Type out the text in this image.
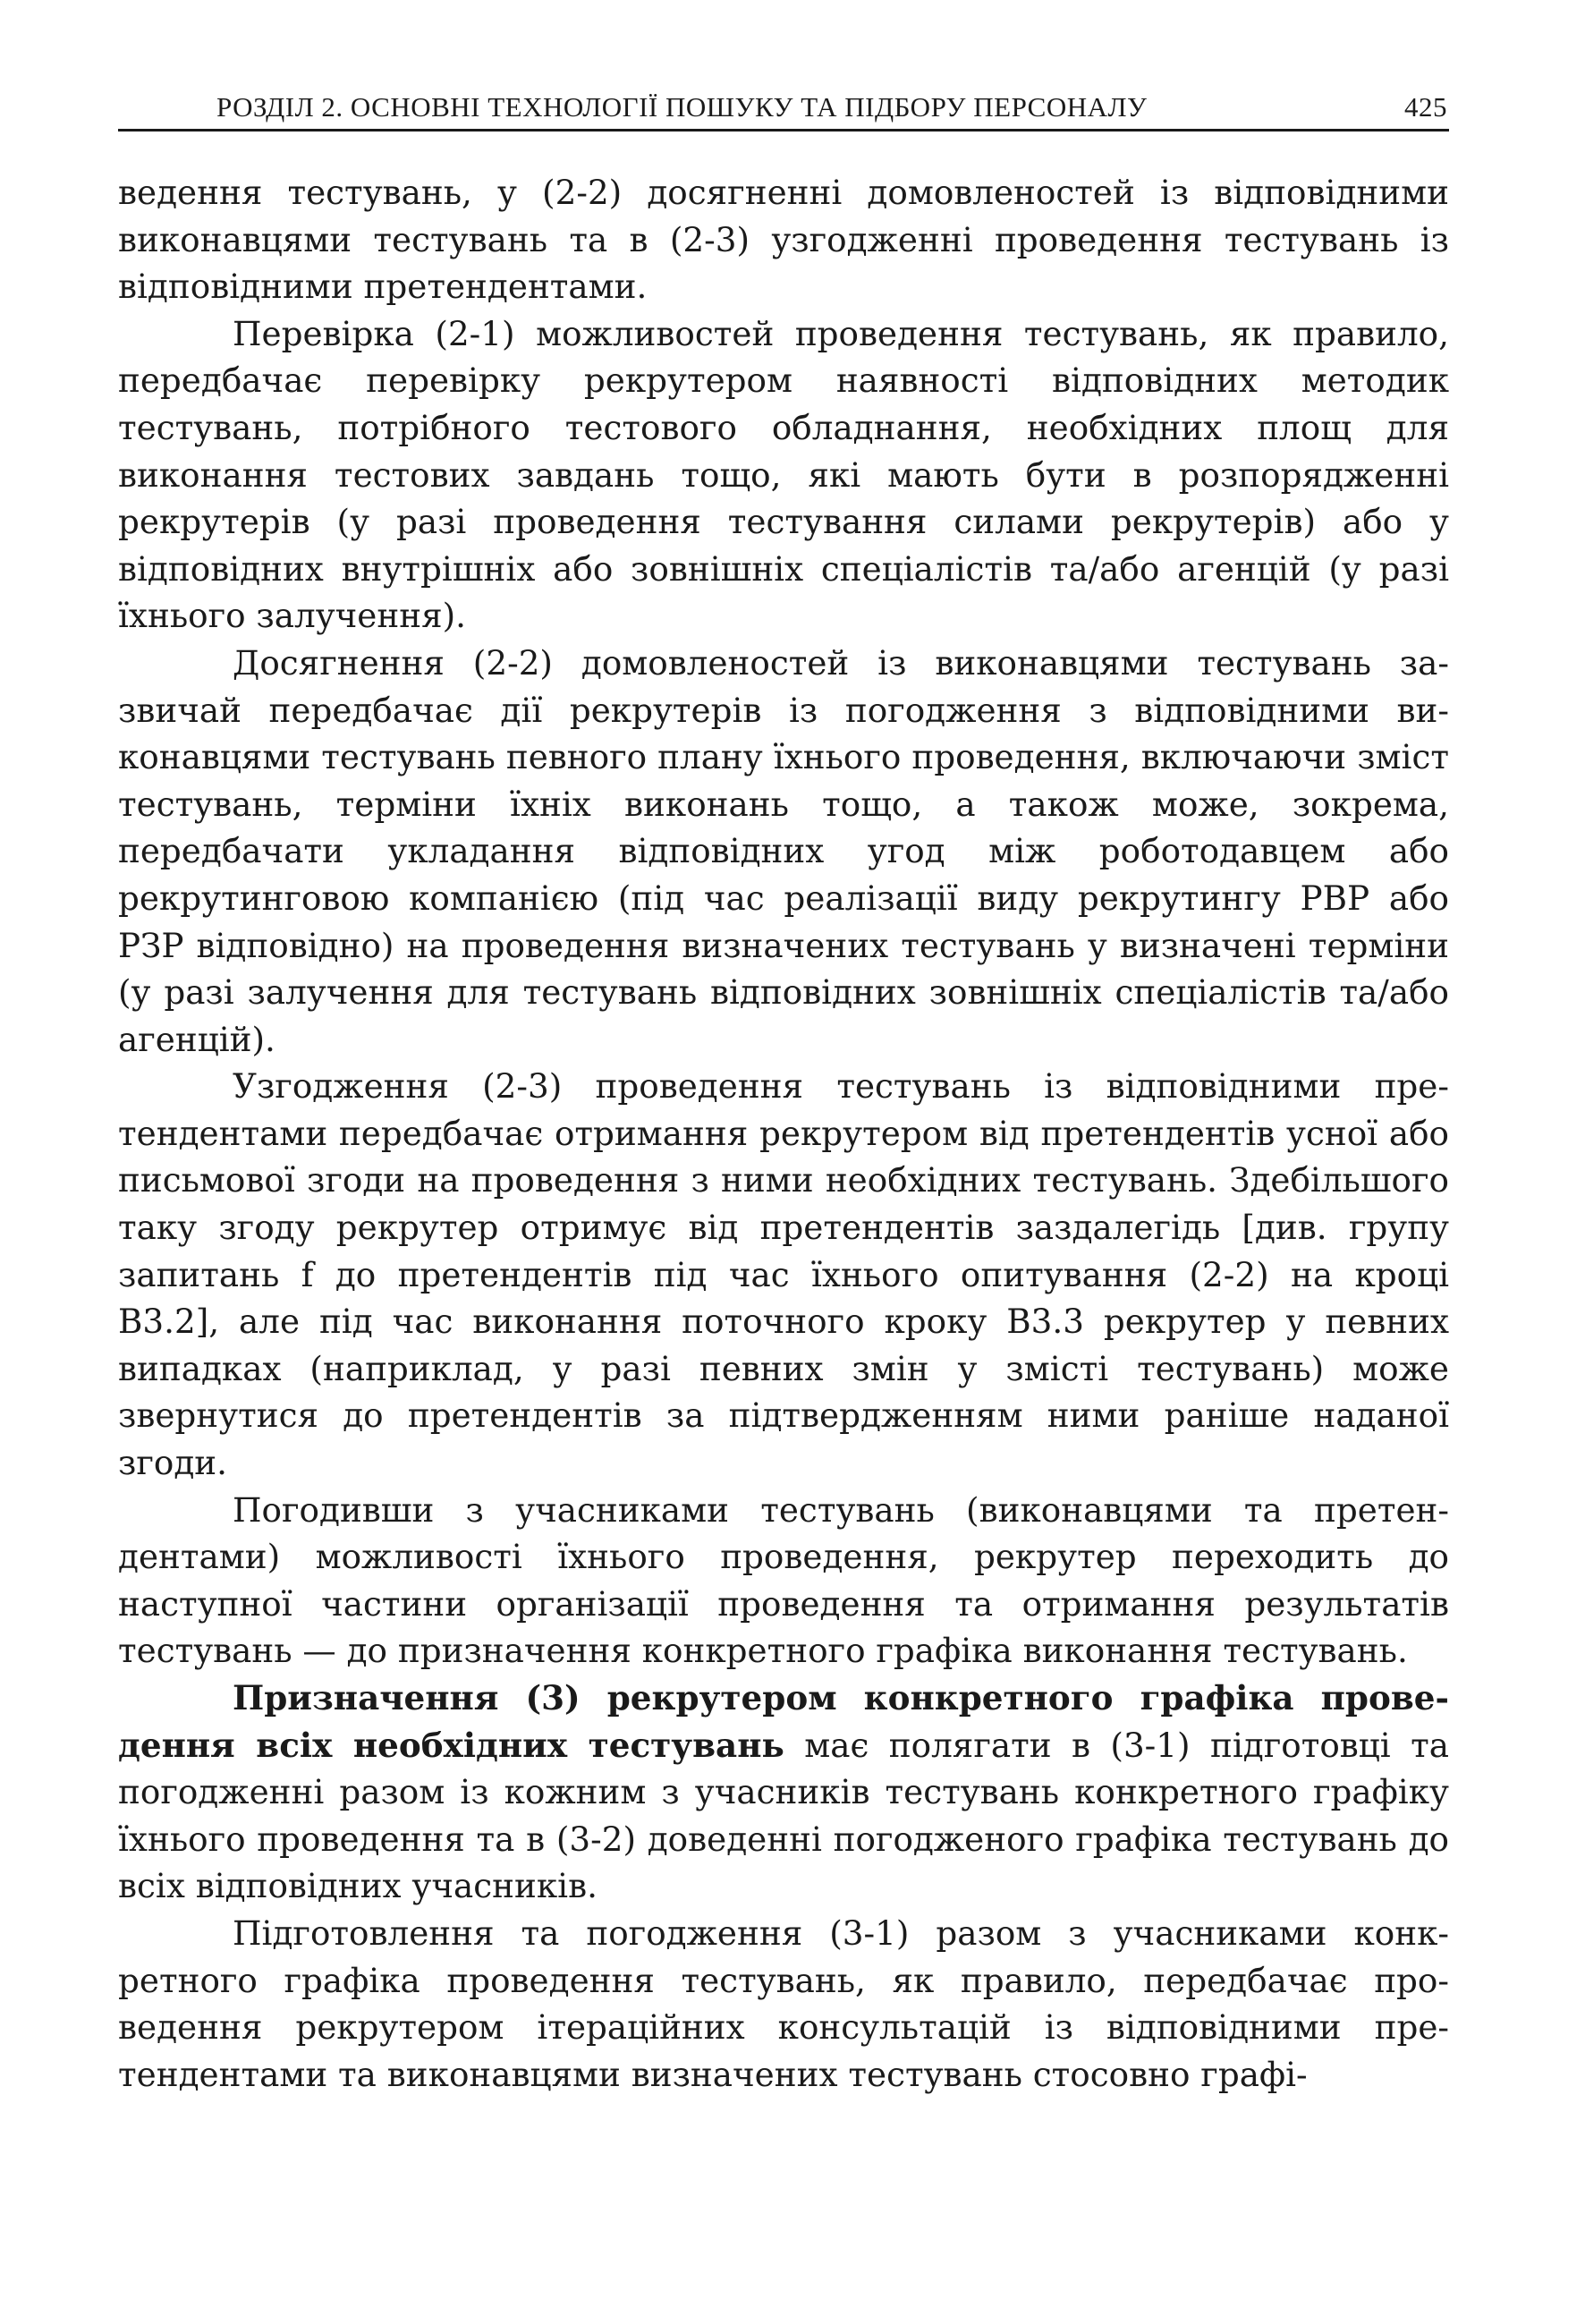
РОЗДІЛ 2. ОСНОВНІ ТЕХНОЛОГІЇ ПОШУКУ ТА ПІДБОРУ ПЕРСОНАЛУ	425

ведення тестувань, у (2-2) досягненні домовленостей із відповідними виконавцями тестувань та в (2-3) узгодженні проведення тестувань із відповідними претендентами.

Перевірка (2-1) можливостей проведення тестувань, як правило, передбачає перевірку рекрутером наявності відповідних методик тестувань, потрібного тестового обладнання, необхідних площ для виконання тестових завдань тощо, які мають бути в розпорядженні рекрутерів (у разі проведення тестування силами рекрутерів) або у відповідних внутрішніх або зовнішніх спеціалістів та/або агенцій (у разі їхнього залучення).

Досягнення (2-2) домовленостей із виконавцями тестувань зазвичай передбачає дії рекрутерів із погодження з відповідними виконавцями тестувань певного плану їхнього проведення, включаючи зміст тестувань, терміни їхніх виконань тощо, а також може, зокрема, передбачати укладання відповідних угод між роботодавцем або рекрутинговою компанією (під час реалізації виду рекрутингу РВР або РЗР відповідно) на проведення визначених тестувань у визначені терміни (у разі залучення для тестувань відповідних зовнішніх спеціалістів та/або агенцій).

Узгодження (2-3) проведення тестувань із відповідними претендентами передбачає отримання рекрутером від претендентів усної або письмової згоди на проведення з ними необхідних тестувань. Здебільшого таку згоду рекрутер отримує від претендентів заздалегідь [див. групу запитань f до претендентів під час їхнього опитування (2-2) на кроці В3.2], але під час виконання поточного кроку В3.3 рекрутер у певних випадках (наприклад, у разі певних змін у змісті тестувань) може звернутися до претендентів за підтвердженням ними раніше наданої згоди.

Погодивши з учасниками тестувань (виконавцями та претендентами) можливості їхнього проведення, рекрутер переходить до наступної частини організації проведення та отримання результатів тестувань — до призначення конкретного графіка виконання тестувань.

Призначення (3) рекрутером конкретного графіка проведення всіх необхідних тестувань має полягати в (3-1) підготовці та погодженні разом із кожним з учасників тестувань конкретного графіку їхнього проведення та в (3-2) доведенні погодженого графіка тестувань до всіх відповідних учасників.

Підготовлення та погодження (3-1) разом з учасниками конкретного графіка проведення тестувань, як правило, передбачає проведення рекрутером ітераційних консультацій із відповідними претендентами та виконавцями визначених тестувань стосовно графі-
